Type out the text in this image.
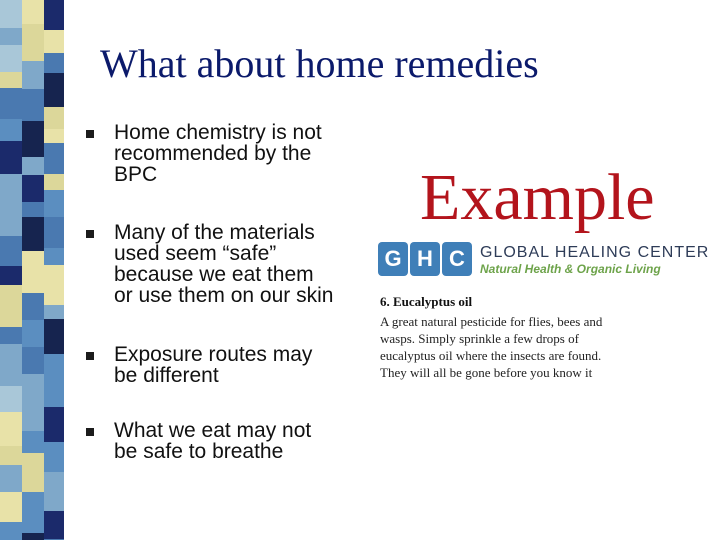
What about home remedies
Home chemistry is not
recommended by the
BPC
Many of the materials
used seem “safe”
because we eat them
or use them on our skin
Exposure routes may
be different
What we eat may not
be safe to breathe
Example
G H C GLOBAL HEALING CENTER
Natural Health & Organic Living
6. Eucalyptus oil
A great natural pesticide for flies, bees and
wasps. Simply sprinkle a few drops of
eucalyptus oil where the insects are found.
They will all be gone before you know it
